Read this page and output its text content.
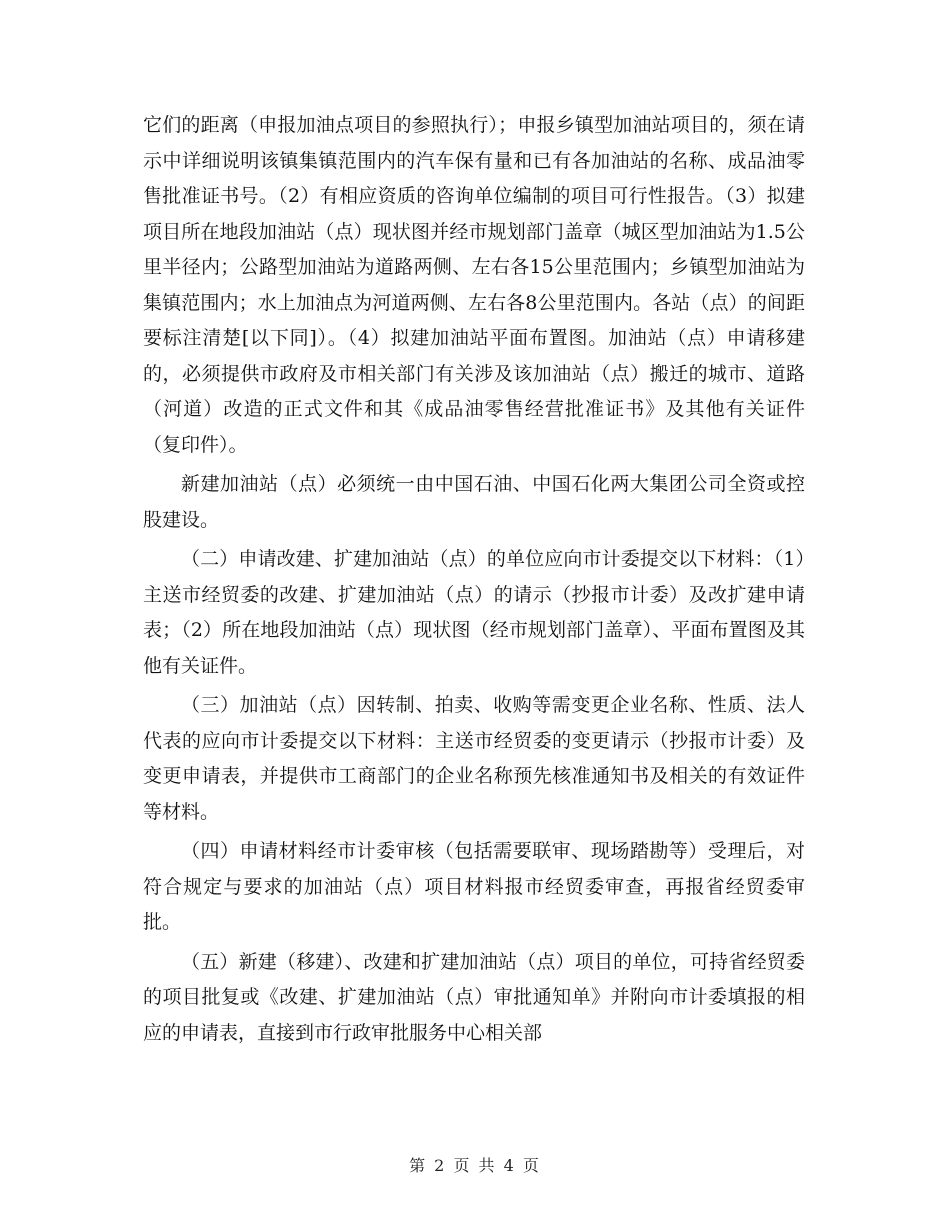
它们的距离（申报加油点项目的参照执行）；申报乡镇型加油站项目的，须在请示中详细说明该镇集镇范围内的汽车保有量和已有各加油站的名称、成品油零售批准证书号。（2）有相应资质的咨询单位编制的项目可行性报告。（3）拟建项目所在地段加油站（点）现状图并经市规划部门盖章（城区型加油站为1.5公里半径内；公路型加油站为道路两侧、左右各15公里范围内；乡镇型加油站为集镇范围内；水上加油点为河道两侧、左右各8公里范围内。各站（点）的间距要标注清楚[以下同]）。（4）拟建加油站平面布置图。加油站（点）申请移建的，必须提供市政府及市相关部门有关涉及该加油站（点）搬迁的城市、道路（河道）改造的正式文件和其《成品油零售经营批准证书》及其他有关证件（复印件）。

新建加油站（点）必须统一由中国石油、中国石化两大集团公司全资或控股建设。

（二）申请改建、扩建加油站（点）的单位应向市计委提交以下材料：（1）主送市经贸委的改建、扩建加油站（点）的请示（抄报市计委）及改扩建申请表；（2）所在地段加油站（点）现状图（经市规划部门盖章）、平面布置图及其他有关证件。

（三）加油站（点）因转制、拍卖、收购等需变更企业名称、性质、法人代表的应向市计委提交以下材料：主送市经贸委的变更请示（抄报市计委）及变更申请表，并提供市工商部门的企业名称预先核准通知书及相关的有效证件等材料。

（四）申请材料经市计委审核（包括需要联审、现场踏勘等）受理后，对符合规定与要求的加油站（点）项目材料报市经贸委审查，再报省经贸委审批。

（五）新建（移建）、改建和扩建加油站（点）项目的单位，可持省经贸委的项目批复或《改建、扩建加油站（点）审批通知单》并附向市计委填报的相应的申请表，直接到市行政审批服务中心相关部

第 2 页 共 4 页
